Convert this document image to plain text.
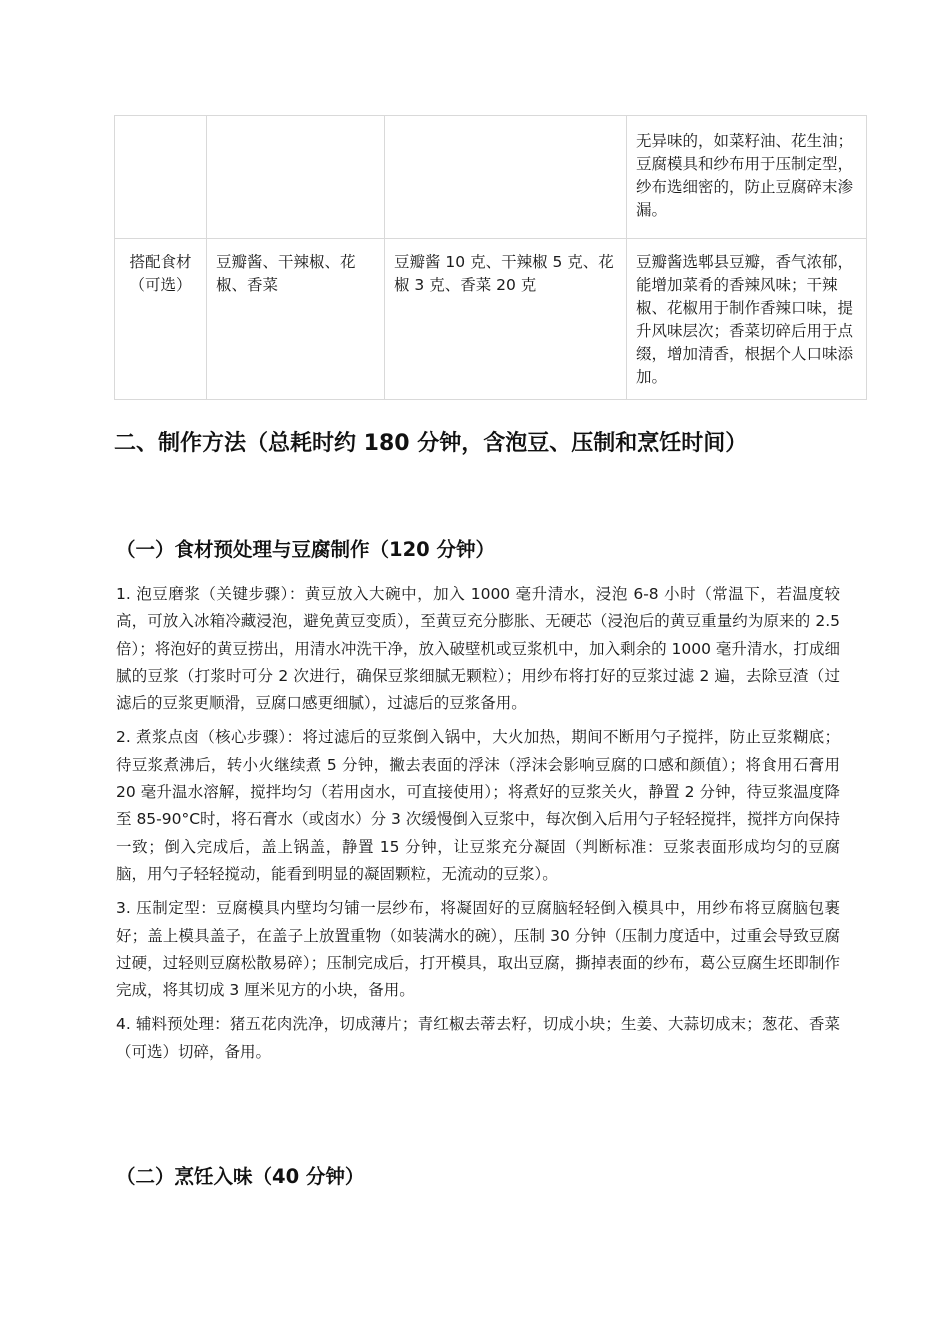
			无异味的，如菜籽油、花生油；豆腐模具和纱布用于压制定型，纱布选细密的，防止豆腐碎末渗漏。
搭配食材（可选）	豆瓣酱、干辣椒、花椒、香菜	豆瓣酱 10 克、干辣椒 5 克、花椒 3 克、香菜 20 克	豆瓣酱选郫县豆瓣，香气浓郁，能增加菜肴的香辣风味；干辣椒、花椒用于制作香辣口味，提升风味层次；香菜切碎后用于点缀，增加清香，根据个人口味添加。
二、制作方法（总耗时约 180 分钟，含泡豆、压制和烹饪时间）
（一）食材预处理与豆腐制作（120 分钟）

1. 泡豆磨浆（关键步骤）：黄豆放入大碗中，加入 1000 毫升清水，浸泡 6-8 小时（常温下，若温度较高，可放入冰箱冷藏浸泡，避免黄豆变质），至黄豆充分膨胀、无硬芯（浸泡后的黄豆重量约为原来的 2.5 倍）；将泡好的黄豆捞出，用清水冲洗干净，放入破壁机或豆浆机中，加入剩余的 1000 毫升清水，打成细腻的豆浆（打浆时可分 2 次进行，确保豆浆细腻无颗粒）；用纱布将打好的豆浆过滤 2 遍，去除豆渣（过滤后的豆浆更顺滑，豆腐口感更细腻），过滤后的豆浆备用。

2. 煮浆点卤（核心步骤）：将过滤后的豆浆倒入锅中，大火加热，期间不断用勺子搅拌，防止豆浆糊底；待豆浆煮沸后，转小火继续煮 5 分钟，撇去表面的浮沫（浮沫会影响豆腐的口感和颜值）；将食用石膏用 20 毫升温水溶解，搅拌均匀（若用卤水，可直接使用）；将煮好的豆浆关火，静置 2 分钟，待豆浆温度降至 85-90°C时，将石膏水（或卤水）分 3 次缓慢倒入豆浆中，每次倒入后用勺子轻轻搅拌，搅拌方向保持一致；倒入完成后，盖上锅盖，静置 15 分钟，让豆浆充分凝固（判断标准：豆浆表面形成均匀的豆腐脑，用勺子轻轻搅动，能看到明显的凝固颗粒，无流动的豆浆）。

3. 压制定型：豆腐模具内壁均匀铺一层纱布，将凝固好的豆腐脑轻轻倒入模具中，用纱布将豆腐脑包裹好；盖上模具盖子，在盖子上放置重物（如装满水的碗），压制 30 分钟（压制力度适中，过重会导致豆腐过硬，过轻则豆腐松散易碎）；压制完成后，打开模具，取出豆腐，撕掉表面的纱布，葛公豆腐生坯即制作完成，将其切成 3 厘米见方的小块，备用。

4. 辅料预处理：猪五花肉洗净，切成薄片；青红椒去蒂去籽，切成小块；生姜、大蒜切成末；葱花、香菜（可选）切碎，备用。

（二）烹饪入味（40 分钟）
